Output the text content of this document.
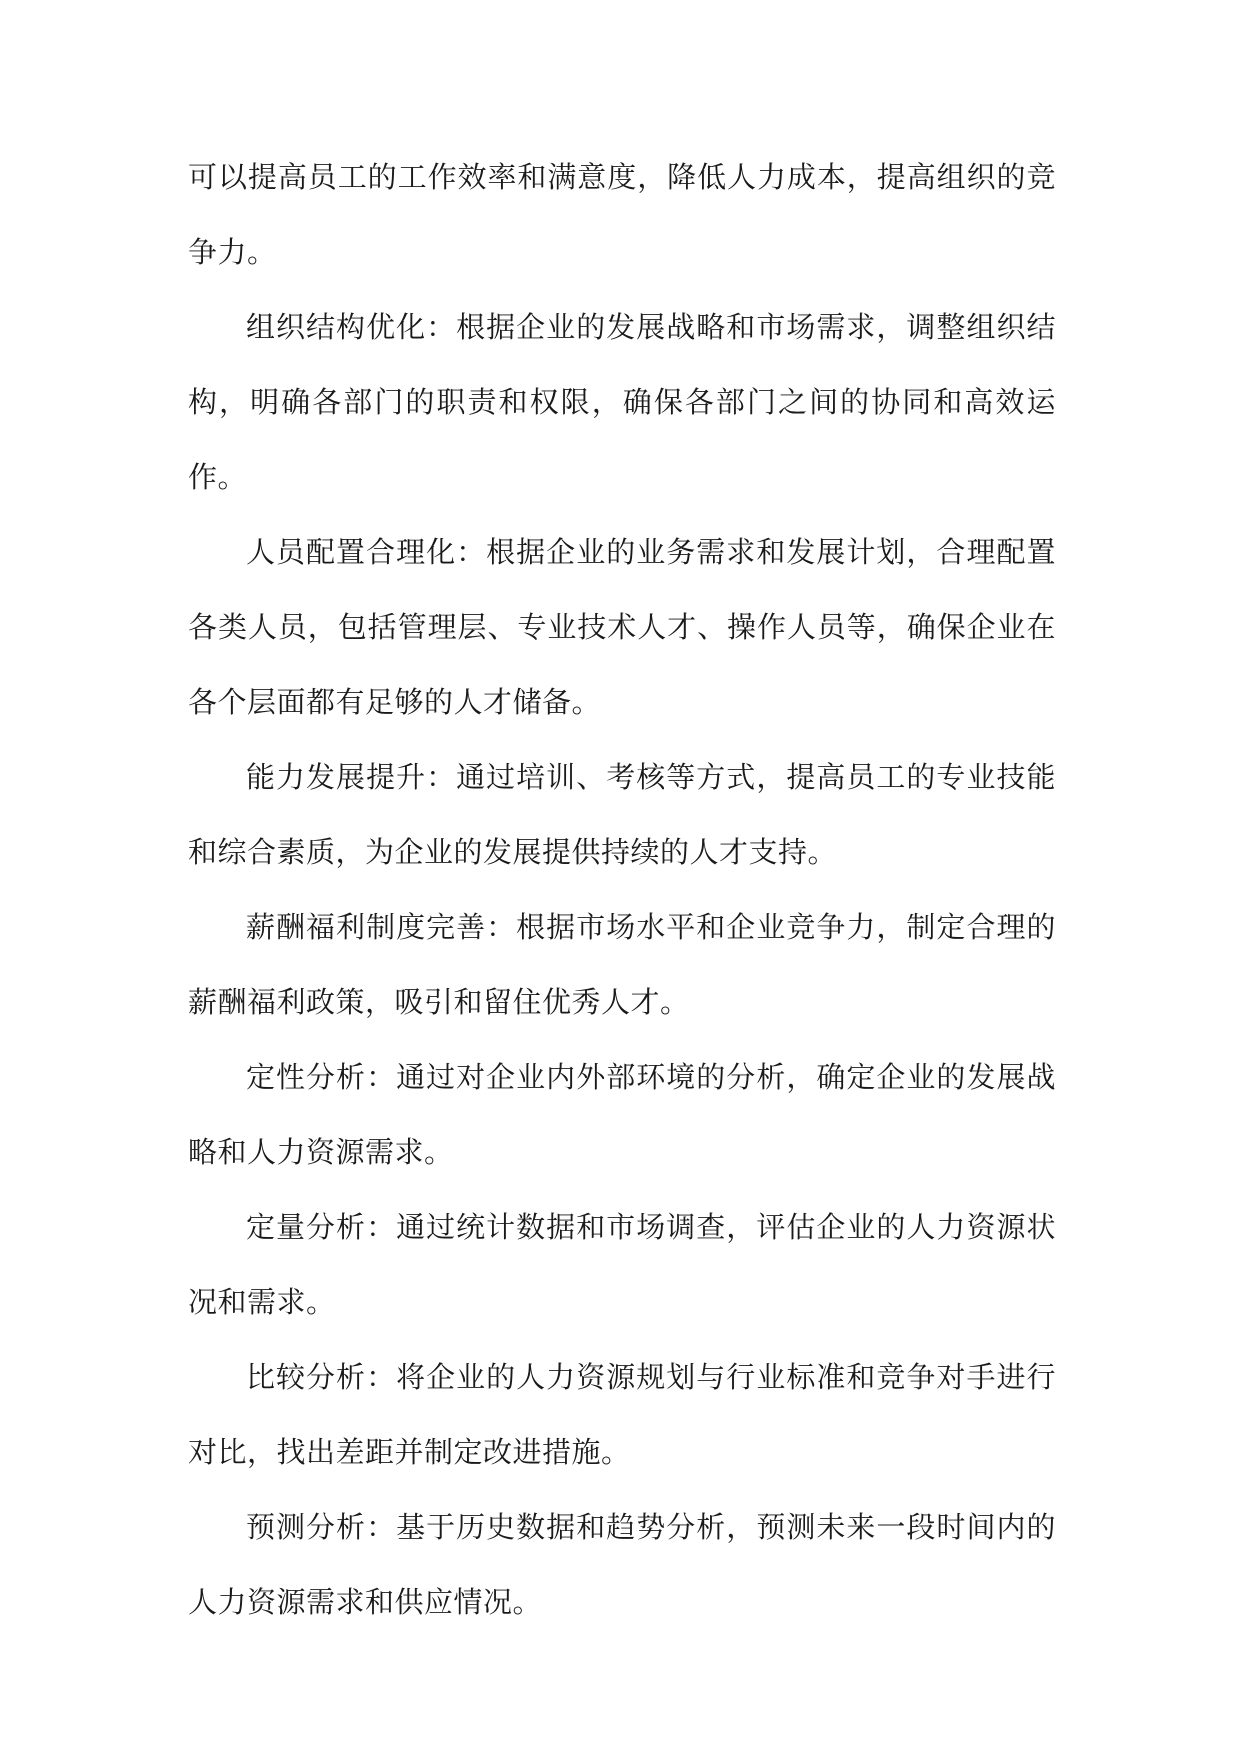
可以提高员工的工作效率和满意度，降低人力成本，提高组织的竞争力。

组织结构优化：根据企业的发展战略和市场需求，调整组织结构，明确各部门的职责和权限，确保各部门之间的协同和高效运作。

人员配置合理化：根据企业的业务需求和发展计划，合理配置各类人员，包括管理层、专业技术人才、操作人员等，确保企业在各个层面都有足够的人才储备。

能力发展提升：通过培训、考核等方式，提高员工的专业技能和综合素质，为企业的发展提供持续的人才支持。

薪酬福利制度完善：根据市场水平和企业竞争力，制定合理的薪酬福利政策，吸引和留住优秀人才。

定性分析：通过对企业内外部环境的分析，确定企业的发展战略和人力资源需求。

定量分析：通过统计数据和市场调查，评估企业的人力资源状况和需求。

比较分析：将企业的人力资源规划与行业标准和竞争对手进行对比，找出差距并制定改进措施。

预测分析：基于历史数据和趋势分析，预测未来一段时间内的人力资源需求和供应情况。
